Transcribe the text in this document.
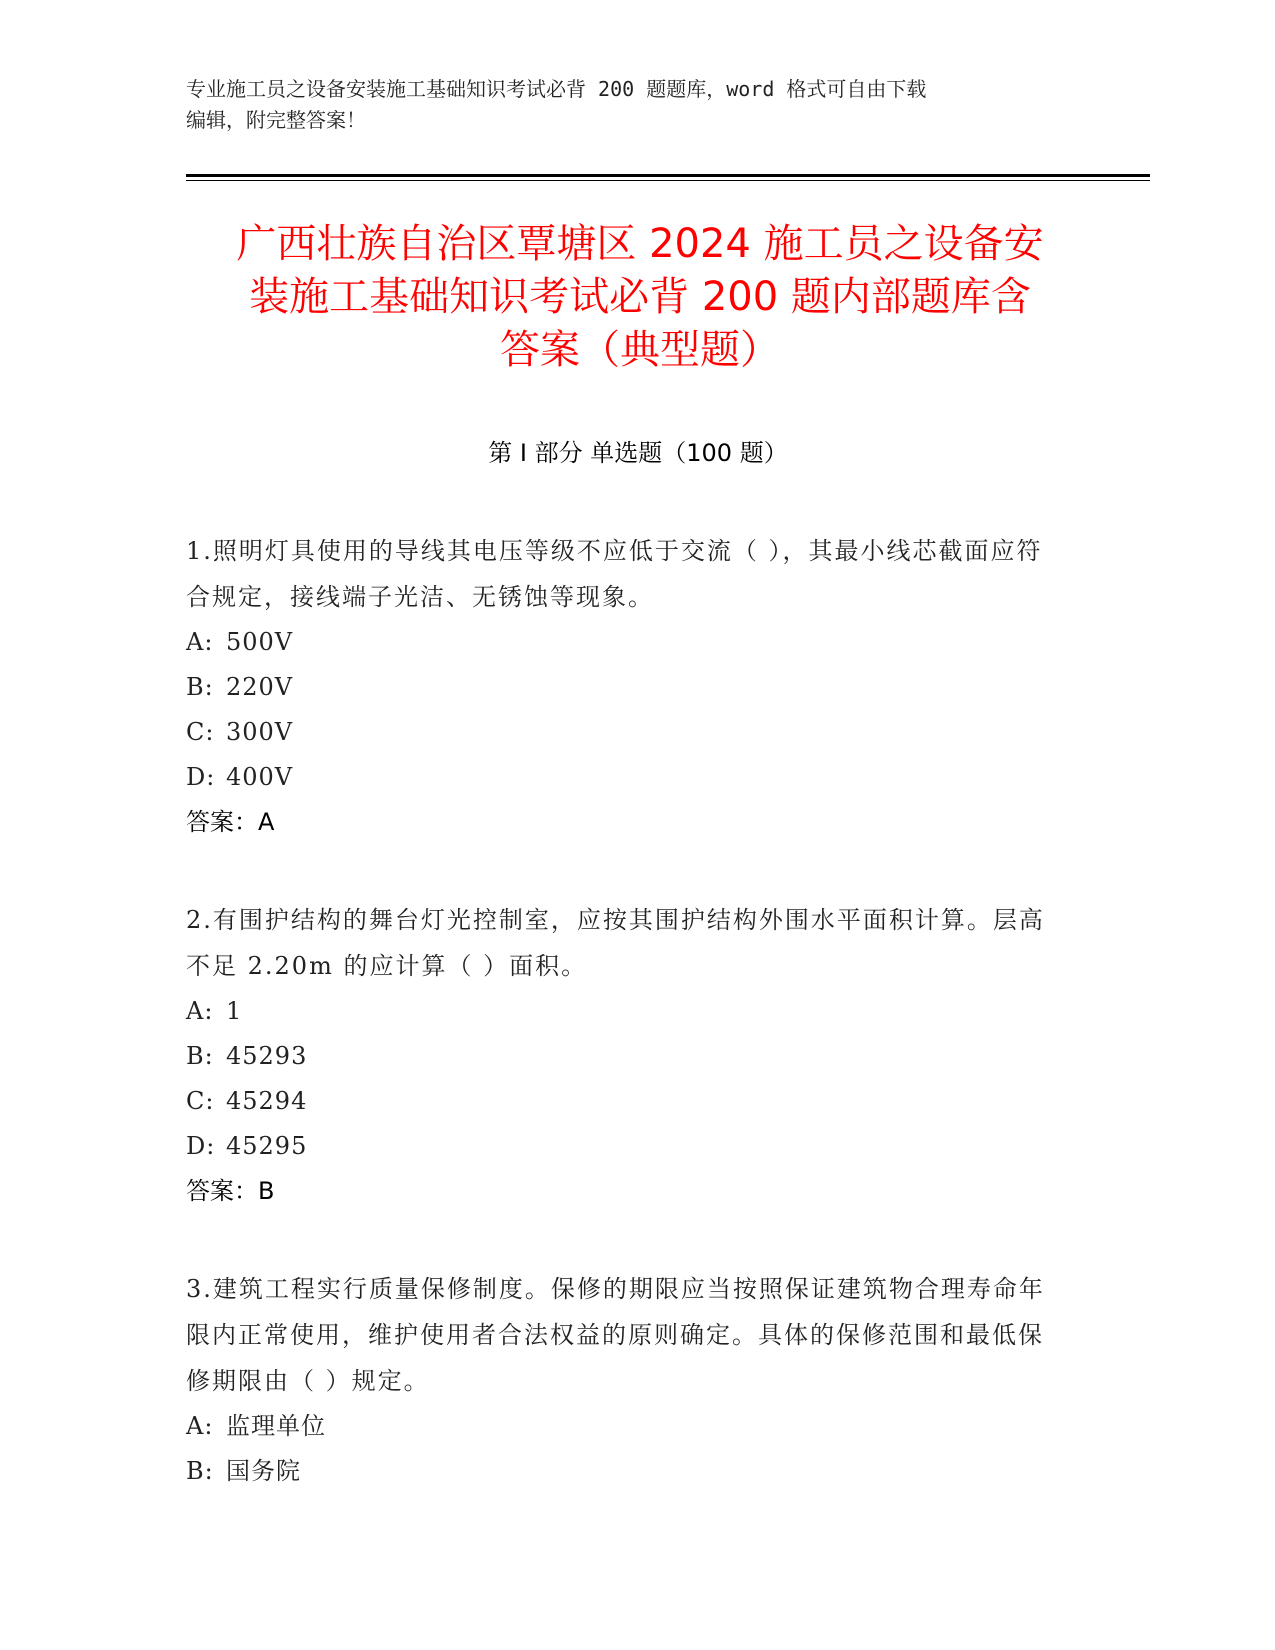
专业施工员之设备安装施工基础知识考试必背 200 题题库，word 格式可自由下载
编辑，附完整答案！
广西壮族自治区覃塘区 2024 施工员之设备安
装施工基础知识考试必背 200 题内部题库含
答案（典型题）
第 I 部分 单选题（100 题）

1.照明灯具使用的导线其电压等级不应低于交流（ ），其最小线芯截面应符合规定，接线端子光洁、无锈蚀等现象。

A: 500V

B: 220V

C: 300V

D: 400V

答案：A

2.有围护结构的舞台灯光控制室，应按其围护结构外围水平面积计算。层高不足 2.20m 的应计算（ ）面积。

A: 1

B: 45293

C: 45294

D: 45295

答案：B

3.建筑工程实行质量保修制度。保修的期限应当按照保证建筑物合理寿命年限内正常使用，维护使用者合法权益的原则确定。具体的保修范围和最低保修期限由（ ）规定。

A: 监理单位

B: 国务院
